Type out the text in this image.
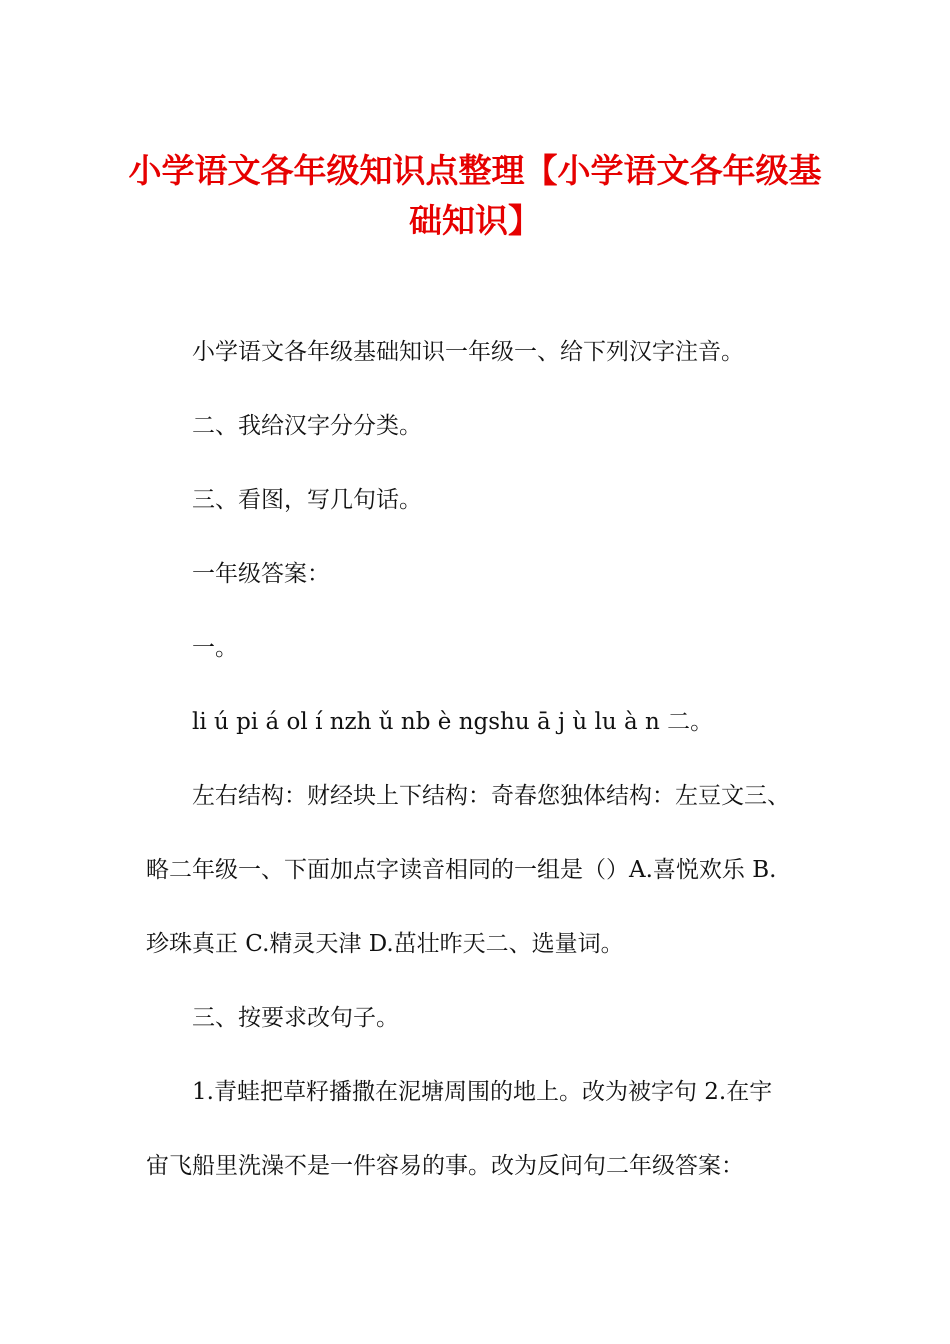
小学语文各年级知识点整理【小学语文各年级基础知识】

小学语文各年级基础知识一年级一、给下列汉字注音。

二、我给汉字分分类。

三、看图，写几句话。

一年级答案：

一。

li ú pi á ol í nzh ǔ nb è ngshu ā j ù lu à n 二。

左右结构：财经块上下结构：奇春您独体结构：左豆文三、

略二年级一、下面加点字读音相同的一组是（）A.喜悦欢乐 B.

珍珠真正 C.精灵天津 D.茁壮昨天二、选量词。

三、按要求改句子。

1.青蛙把草籽播撒在泥塘周围的地上。改为被字句 2.在宇

宙飞船里洗澡不是一件容易的事。改为反问句二年级答案：
